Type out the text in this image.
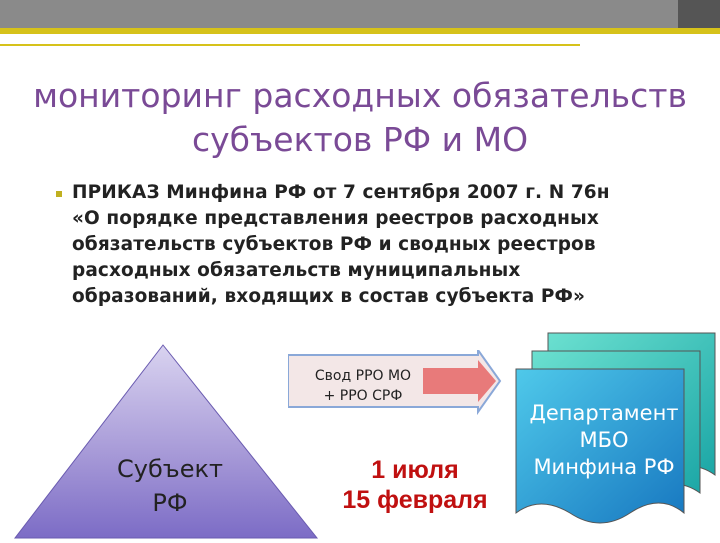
мониторинг расходных обязательств
субъектов РФ и МО
ПРИКАЗ Минфина РФ от 7 сентября 2007 г. N 76н
«О порядке представления реестров расходных
обязательств субъектов РФ и сводных реестров
расходных обязательств муниципальных
образований, входящих в состав субъекта РФ»
Субъект
РФ
Свод РРО МО
+ РРО СРФ
1 июля
15 февраля
Департамент
МБО
Минфина РФ
